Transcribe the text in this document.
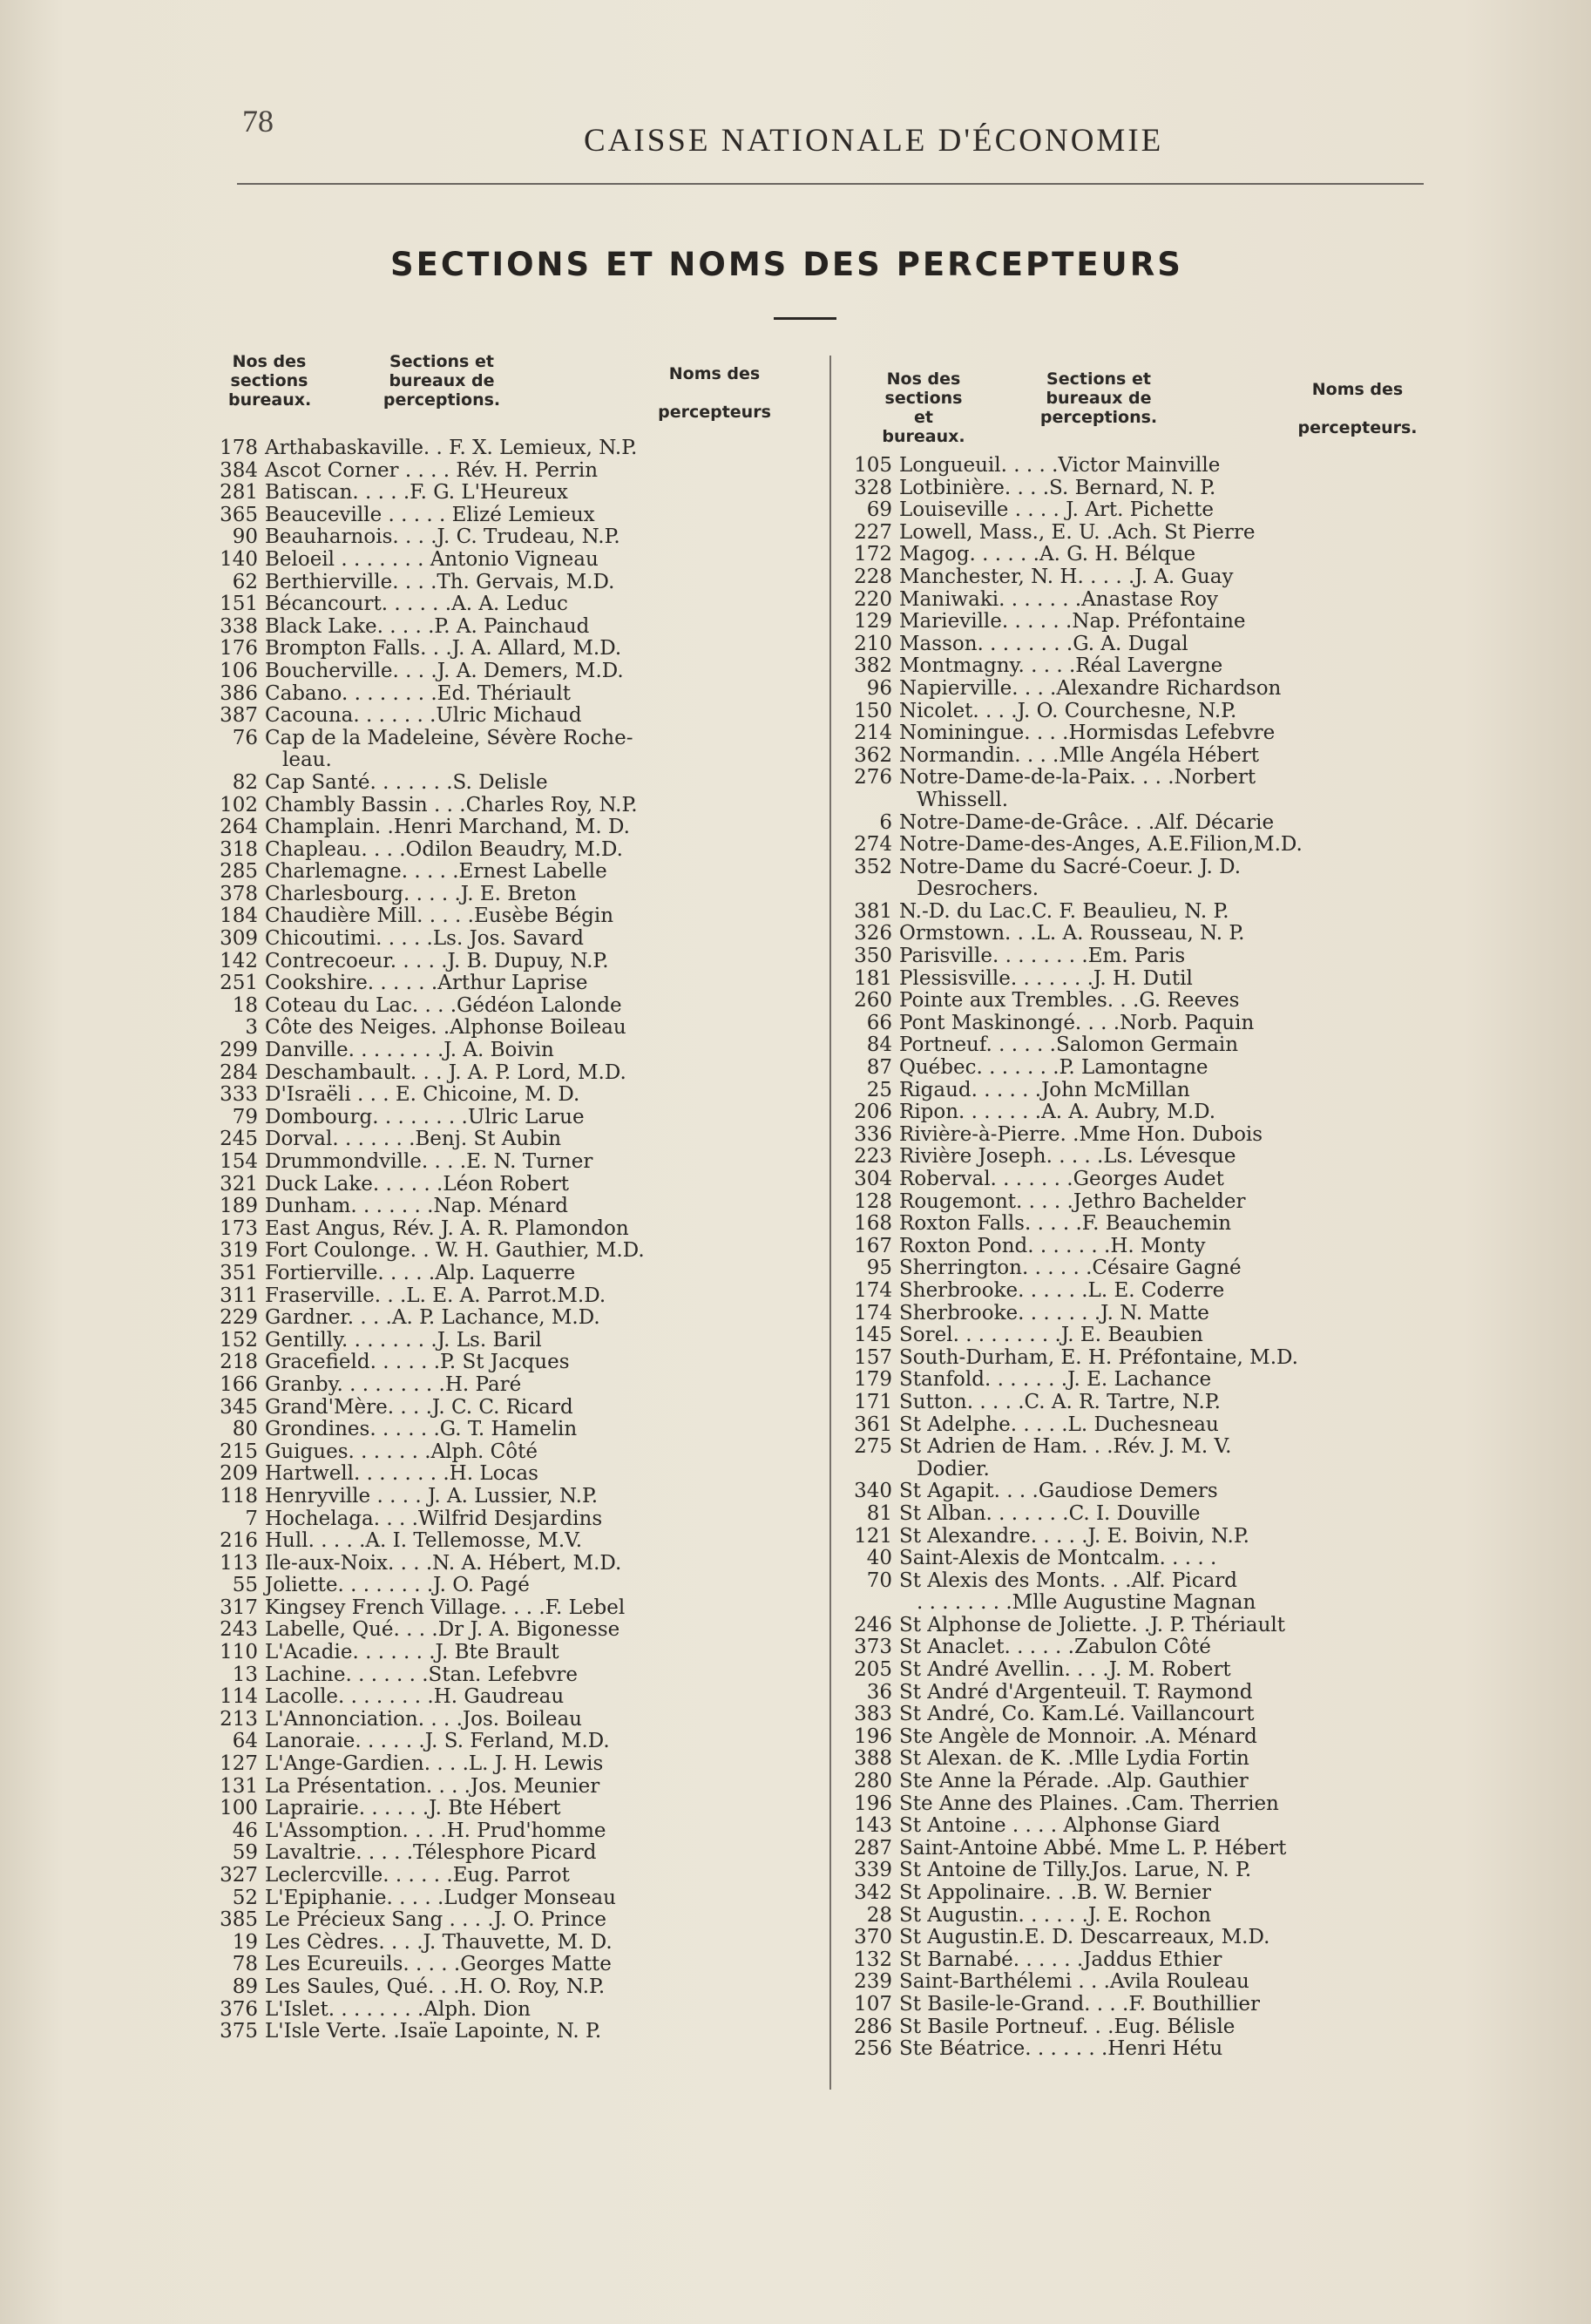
78
CAISSE NATIONALE D'ÉCONOMIE
SECTIONS ET NOMS DES PERCEPTEURS
Nos des
sections
bureaux.
Sections et
bureaux de
perceptions.
Noms des

percepteurs
Nos des
sections
et bureaux.
Sections et
bureaux de
perceptions.
Noms des

percepteurs.
178 Arthabaskaville. . F. X. Lemieux, N.P.
384 Ascot Corner . . . . Rév. H. Perrin
281 Batiscan. . . . .F. G. L'Heureux
365 Beauceville . . . . . Elizé Lemieux
90 Beauharnois. . . .J. C. Trudeau, N.P.
140 Beloeil . . . . . . . Antonio Vigneau
62 Berthierville. . . .Th. Gervais, M.D.
151 Bécancourt. . . . . .A. A. Leduc
338 Black Lake. . . . .P. A. Painchaud
176 Brompton Falls. . .J. A. Allard, M.D.
106 Boucherville. . . .J. A. Demers, M.D.
386 Cabano. . . . . . . .Ed. Thériault
387 Cacouna. . . . . . .Ulric Michaud
76 Cap de la Madeleine, Sévère Roche-
leau.
82 Cap Santé. . . . . . .S. Delisle
102 Chambly Bassin . . .Charles Roy, N.P.
264 Champlain. .Henri Marchand, M. D.
318 Chapleau. . . .Odilon Beaudry, M.D.
285 Charlemagne. . . . .Ernest Labelle
378 Charlesbourg. . . . .J. E. Breton
184 Chaudière Mill. . . . .Eusèbe Bégin
309 Chicoutimi. . . . .Ls. Jos. Savard
142 Contrecoeur. . . . .J. B. Dupuy, N.P.
251 Cookshire. . . . . .Arthur Laprise
18 Coteau du Lac. . . .Gédéon Lalonde
3 Côte des Neiges. .Alphonse Boileau
299 Danville. . . . . . . .J. A. Boivin
284 Deschambault. . . J. A. P. Lord, M.D.
333 D'Israëli . . . E. Chicoine, M. D.
79 Dombourg. . . . . . . .Ulric Larue
245 Dorval. . . . . . .Benj. St Aubin
154 Drummondville. . . .E. N. Turner
321 Duck Lake. . . . . .Léon Robert
189 Dunham. . . . . . .Nap. Ménard
173 East Angus, Rév. J. A. R. Plamondon
319 Fort Coulonge. . W. H. Gauthier, M.D.
351 Fortierville. . . . .Alp. Laquerre
311 Fraserville. . .L. E. A. Parrot.M.D.
229 Gardner. . . .A. P. Lachance, M.D.
152 Gentilly. . . . . . . .J. Ls. Baril
218 Gracefield. . . . . .P. St Jacques
166 Granby. . . . . . . . .H. Paré
345 Grand'Mère. . . .J. C. C. Ricard
80 Grondines. . . . . .G. T. Hamelin
215 Guigues. . . . . . .Alph. Côté
209 Hartwell. . . . . . . .H. Locas
118 Henryville . . . . J. A. Lussier, N.P.
7 Hochelaga. . . .Wilfrid Desjardins
216 Hull. . . . .A. I. Tellemosse, M.V.
113 Ile-aux-Noix. . . .N. A. Hébert, M.D.
55 Joliette. . . . . . . .J. O. Pagé
317 Kingsey French Village. . . .F. Lebel
243 Labelle, Qué. . . .Dr J. A. Bigonesse
110 L'Acadie. . . . . . .J. Bte Brault
13 Lachine. . . . . . .Stan. Lefebvre
114 Lacolle. . . . . . . .H. Gaudreau
213 L'Annonciation. . . .Jos. Boileau
64 Lanoraie. . . . . .J. S. Ferland, M.D.
127 L'Ange-Gardien. . . .L. J. H. Lewis
131 La Présentation. . . .Jos. Meunier
100 Laprairie. . . . . .J. Bte Hébert
46 L'Assomption. . . .H. Prud'homme
59 Lavaltrie. . . . .Télesphore Picard
327 Leclercville. . . . . .Eug. Parrot
52 L'Epiphanie. . . . .Ludger Monseau
385 Le Précieux Sang . . . .J. O. Prince
19 Les Cèdres. . . .J. Thauvette, M. D.
78 Les Ecureuils. . . . .Georges Matte
89 Les Saules, Qué. . .H. O. Roy, N.P.
376 L'Islet. . . . . . . .Alph. Dion
375 L'Isle Verte. .Isaïe Lapointe, N. P.
105 Longueuil. . . . .Victor Mainville
328 Lotbinière. . . .S. Bernard, N. P.
69 Louiseville . . . . J. Art. Pichette
227 Lowell, Mass., E. U. .Ach. St Pierre
172 Magog. . . . . .A. G. H. Bélque
228 Manchester, N. H. . . . .J. A. Guay
220 Maniwaki. . . . . . .Anastase Roy
129 Marieville. . . . . .Nap. Préfontaine
210 Masson. . . . . . . .G. A. Dugal
382 Montmagny. . . . .Réal Lavergne
96 Napierville. . . .Alexandre Richardson
150 Nicolet. . . .J. O. Courchesne, N.P.
214 Nominingue. . . .Hormisdas Lefebvre
362 Normandin. . . .Mlle Angéla Hébert
276 Notre-Dame-de-la-Paix. . . .Norbert
Whissell.
6 Notre-Dame-de-Grâce. . .Alf. Décarie
274 Notre-Dame-des-Anges, A.E.Filion,M.D.
352 Notre-Dame du Sacré-Coeur. J. D.
Desrochers.
381 N.-D. du Lac.C. F. Beaulieu, N. P.
326 Ormstown. . .L. A. Rousseau, N. P.
350 Parisville. . . . . . . .Em. Paris
181 Plessisville. . . . . . .J. H. Dutil
260 Pointe aux Trembles. . .G. Reeves
66 Pont Maskinongé. . . .Norb. Paquin
84 Portneuf. . . . . .Salomon Germain
87 Québec. . . . . . .P. Lamontagne
25 Rigaud. . . . . .John McMillan
206 Ripon. . . . . . .A. A. Aubry, M.D.
336 Rivière-à-Pierre. .Mme Hon. Dubois
223 Rivière Joseph. . . . .Ls. Lévesque
304 Roberval. . . . . . .Georges Audet
128 Rougemont. . . . .Jethro Bachelder
168 Roxton Falls. . . . .F. Beauchemin
167 Roxton Pond. . . . . . .H. Monty
95 Sherrington. . . . . .Césaire Gagné
174 Sherbrooke. . . . . .L. E. Coderre
174 Sherbrooke. . . . . . .J. N. Matte
145 Sorel. . . . . . . . .J. E. Beaubien
157 South-Durham, E. H. Préfontaine, M.D.
179 Stanfold. . . . . . .J. E. Lachance
171 Sutton. . . . .C. A. R. Tartre, N.P.
361 St Adelphe. . . . .L. Duchesneau
275 St Adrien de Ham. . .Rév. J. M. V.
Dodier.
340 St Agapit. . . .Gaudiose Demers
81 St Alban. . . . . . .C. I. Douville
121 St Alexandre. . . . .J. E. Boivin, N.P.
40 Saint-Alexis de Montcalm. . . . .
70 St Alexis des Monts. . .Alf. Picard
. . . . . . . .Mlle Augustine Magnan
246 St Alphonse de Joliette. .J. P. Thériault
373 St Anaclet. . . . . .Zabulon Côté
205 St André Avellin. . . .J. M. Robert
36 St André d'Argenteuil. T. Raymond
383 St André, Co. Kam.Lé. Vaillancourt
196 Ste Angèle de Monnoir. .A. Ménard
388 St Alexan. de K. .Mlle Lydia Fortin
280 Ste Anne la Pérade. .Alp. Gauthier
196 Ste Anne des Plaines. .Cam. Therrien
143 St Antoine . . . . Alphonse Giard
287 Saint-Antoine Abbé. Mme L. P. Hébert
339 St Antoine de Tilly.Jos. Larue, N. P.
342 St Appolinaire. . .B. W. Bernier
28 St Augustin. . . . . .J. E. Rochon
370 St Augustin.E. D. Descarreaux, M.D.
132 St Barnabé. . . . . .Jaddus Ethier
239 Saint-Barthélemi . . .Avila Rouleau
107 St Basile-le-Grand. . . .F. Bouthillier
286 St Basile Portneuf. . .Eug. Bélisle
256 Ste Béatrice. . . . . . .Henri Hétu
